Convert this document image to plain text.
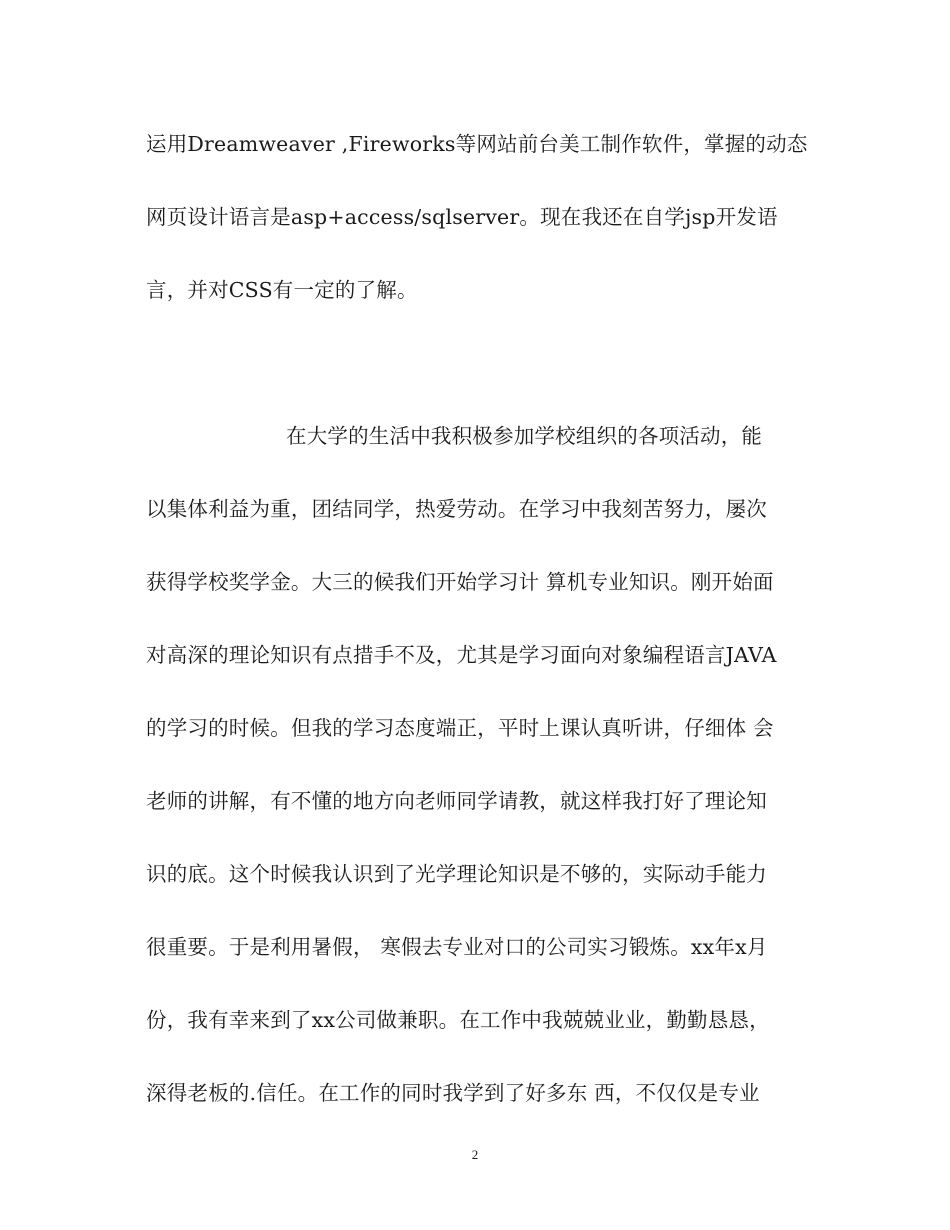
运用Dreamweaver ,Fireworks等网站前台美工制作软件，掌握的动态
网页设计语言是asp+access/sqlserver。现在我还在自学jsp开发语
言，并对CSS有一定的了解。
在大学的生活中我积极参加学校组织的各项活动，能
以集体利益为重，团结同学，热爱劳动。在学习中我刻苦努力，屡次
获得学校奖学金。大三的候我们开始学习计 算机专业知识。刚开始面
对高深的理论知识有点措手不及，尤其是学习面向对象编程语言JAVA
的学习的时候。但我的学习态度端正，平时上课认真听讲，仔细体 会
老师的讲解，有不懂的地方向老师同学请教，就这样我打好了理论知
识的底。这个时候我认识到了光学理论知识是不够的，实际动手能力
很重要。于是利用暑假， 寒假去专业对口的公司实习锻炼。xx年x月
份，我有幸来到了xx公司做兼职。在工作中我兢兢业业，勤勤恳恳，
深得老板的.信任。在工作的同时我学到了好多东 西，不仅仅是专业
2
